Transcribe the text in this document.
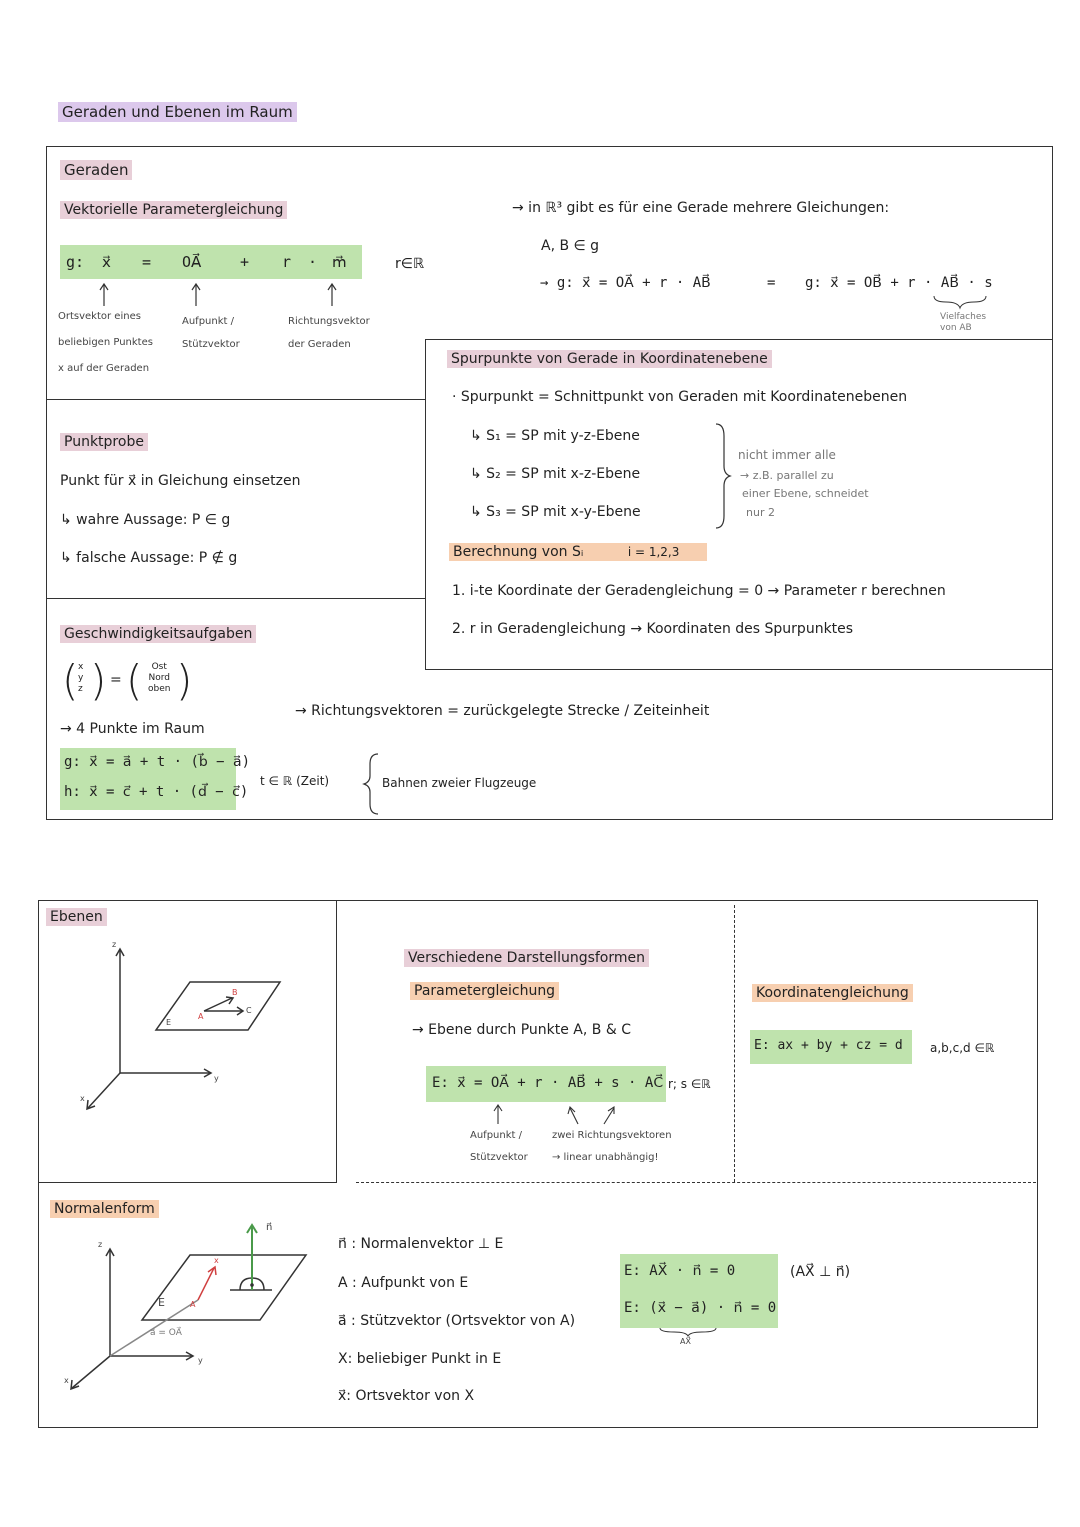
Geraden und Ebenen im Raum
Geraden
Vektorielle Parametergleichung
g: x⃗ = OA⃗	+ r · m⃗	r∈ℝ
Ortsvektor eines
beliebigen Punktes
x auf der Geraden
Aufpunkt /
Stützvektor
Richtungsvektor
der Geraden
→ in ℝ³ gibt es für eine Gerade mehrere Gleichungen:
A, B ∈ g
→ g: x⃗ = OA⃗ + r · AB⃗	= g: x⃗ = OB⃗ + r · AB⃗ · s
Vielfaches
von AB
Punktprobe
Punkt für x⃗ in Gleichung einsetzen
↳ wahre Aussage: P ∈ g
↳ falsche Aussage: P ∉ g
Spurpunkte von Gerade in Koordinatenebene
· Spurpunkt = Schnittpunkt von Geraden mit Koordinatenebenen
↳ S₁ = SP mit y-z-Ebene
↳ S₂ = SP mit x-z-Ebene
↳ S₃ = SP mit x-y-Ebene
nicht immer alle
→ z.B. parallel zu
einer Ebene, schneidet
nur 2
Berechnung von Sᵢ	i = 1,2,3
1. i-te Koordinate der Geradengleichung = 0 → Parameter r berechnen
2. r in Geradengleichung → Koordinaten des Spurpunktes
Geschwindigkeitsaufgaben
( )
x
y
z
= ( )
Ost
Nord
oben
→ Richtungsvektoren = zurückgelegte Strecke / Zeiteinheit
→ 4 Punkte im Raum
g: x⃗ = a⃗ + t · (b⃗ − a⃗)
h: x⃗ = c⃗ + t · (d⃗ − c⃗)
t ∈ ℝ (Zeit)	Bahnen zweier Flugzeuge
Ebenen
z
y
x
E
A
B
C
Verschiedene Darstellungsformen
Parametergleichung
→ Ebene durch Punkte A, B & C
E: x⃗ = OA⃗ + r · AB⃗ + s · AC⃗ r; s ∈ℝ
Aufpunkt /
Stützvektor
zwei Richtungsvektoren
→ linear unabhängig!
Koordinatengleichung
E: ax + by + cz = d a,b,c,d ∈ℝ
Normalenform
n⃗
E	A
x
a⃗ = OA⃗
z
y
x
n⃗ : Normalenvektor ⊥ E
A : Aufpunkt von E
a⃗ : Stützvektor (Ortsvektor von A)
X: beliebiger Punkt in E
x⃗: Ortsvektor von X
E: AX⃗ · n⃗ = 0
E: (x⃗ − a⃗) · n⃗ = 0
(AX⃗ ⊥ n⃗)
AX⃗
